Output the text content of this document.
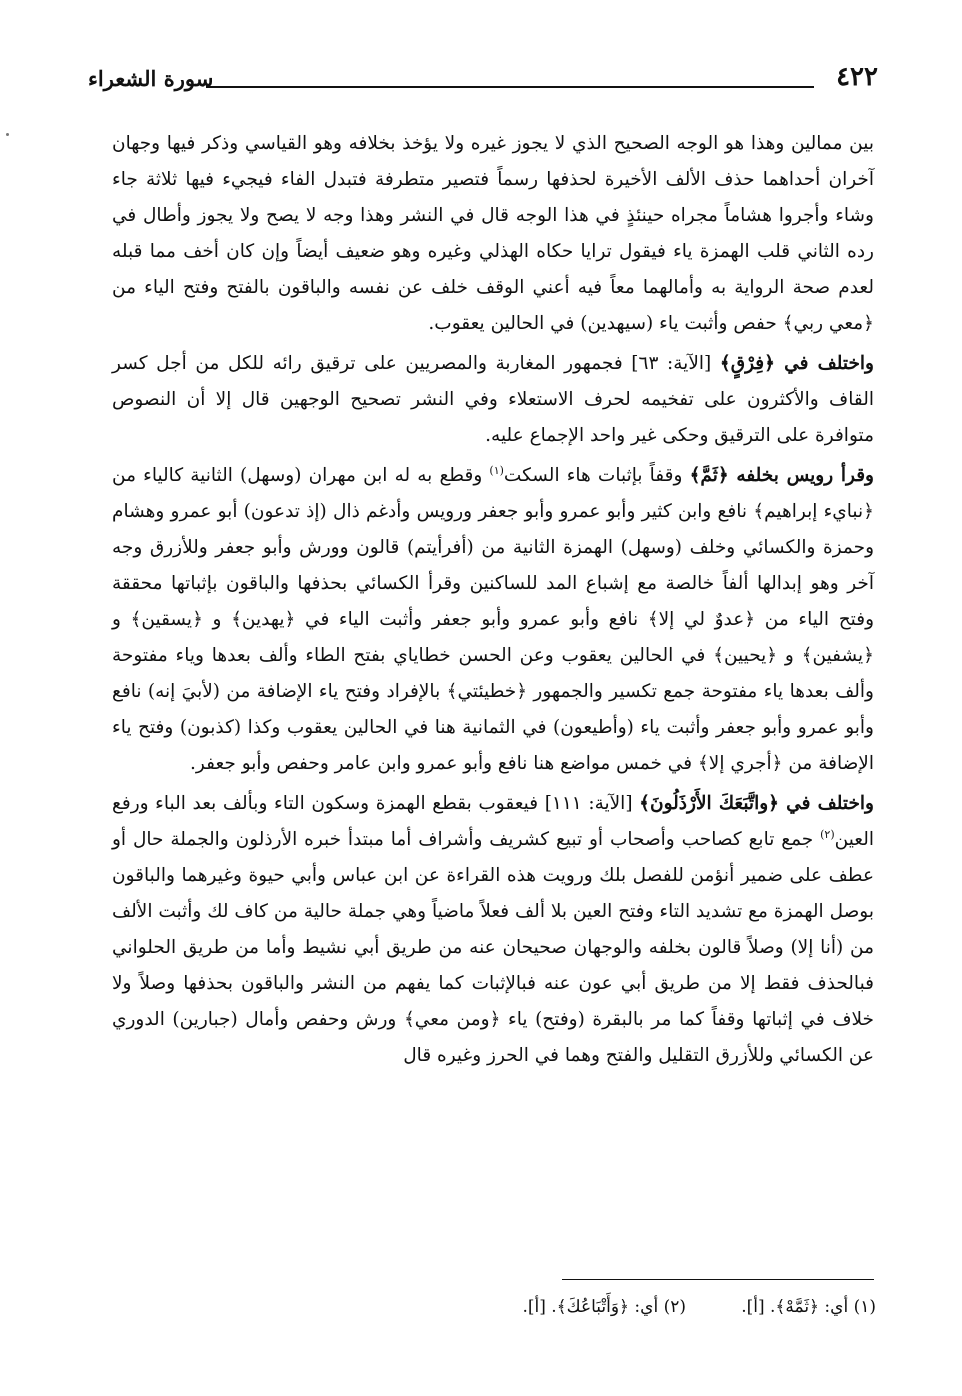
٤٢٢
سورة الشعراء

بين ممالين وهذا هو الوجه الصحيح الذي لا يجوز غيره ولا يؤخذ بخلافه وهو القياسي وذكر فيها وجهان آخران أحداهما حذف الألف الأخيرة لحذفها رسماً فتصير متطرفة فتبدل الفاء فيجيء فيها ثلاثة جاء وشاء وأجروا هشاماً مجراه حينئذٍ في هذا الوجه قال في النشر وهذا وجه لا يصح ولا يجوز وأطال في رده الثاني قلب الهمزة ياء فيقول ترايا حكاه الهذلي وغيره وهو ضعيف أيضاً وإن كان أخف مما قبله لعدم صحة الرواية به وأمالهما معاً فيه أعني الوقف خلف عن نفسه والباقون بالفتح وفتح الياء من ﴿معي ربي﴾ حفص وأثبت ياء (سيهدين) في الحالين يعقوب.

واختلف في ﴿فِرْقٍ﴾ [الآية: ٦٣] فجمهور المغاربة والمصريين على ترقيق رائه للكل من أجل كسر القاف والأكثرون على تفخيمه لحرف الاستعلاء وفي النشر تصحيح الوجهين قال إلا أن النصوص متوافرة على الترقيق وحكى غير واحد الإجماع عليه.

وقرأ رويس بخلفه ﴿ثَمَّ﴾ وقفاً بإثبات هاء السكت$^{(١)}$ وقطع به له ابن مهران (وسهل) الثانية كالياء من ﴿نبايء إبراهيم﴾ نافع وابن كثير وأبو عمرو وأبو جعفر ورويس وأدغم ذال (إذ تدعون) أبو عمرو وهشام وحمزة والكسائي وخلف (وسهل) الهمزة الثانية من (أفرأيتم) قالون وورش وأبو جعفر وللأزرق وجه آخر وهو إبدالها ألفاً خالصة مع إشباع المد للساكنين وقرأ الكسائي بحذفها والباقون بإثباتها محققة وفتح الياء من ﴿عدوٌ لي إلا﴾ نافع وأبو عمرو وأبو جعفر وأثبت الياء في ﴿يهدين﴾ و ﴿يسقين﴾ و ﴿يشفين﴾ و ﴿يحيين﴾ في الحالين يعقوب وعن الحسن خطاياي بفتح الطاء وألف بعدها وياء مفتوحة وألف بعدها ياء مفتوحة جمع تكسير والجمهور ﴿خطيئتي﴾ بالإفراد وفتح ياء الإضافة من (لأبيَ إنه) نافع وأبو عمرو وأبو جعفر وأثبت ياء (وأطيعون) في الثمانية هنا في الحالين يعقوب وكذا (كذبون) وفتح ياء الإضافة من ﴿أجري إلا﴾ في خمس مواضع هنا نافع وأبو عمرو وابن عامر وحفص وأبو جعفر.

واختلف في ﴿واتَّبَعَكَ الأَرْذَلُونَ﴾ [الآية: ١١١] فيعقوب بقطع الهمزة وسكون التاء وبألف بعد الباء ورفع العين$^{(٢)}$ جمع تابع كصاحب وأصحاب أو تبيع كشريف وأشراف أما مبتدأ خبره الأرذلون والجملة حال أو عطف على ضمير أنؤمن للفصل بلك ورويت هذه القراءة عن ابن عباس وأبي حيوة وغيرهما والباقون بوصل الهمزة مع تشديد التاء وفتح العين بلا ألف فعلاً ماضياً وهي جملة حالية من كاف لك وأثبت الألف من (أنا إلا) وصلاً قالون بخلفه والوجهان صحيحان عنه من طريق أبي نشيط وأما من طريق الحلواني فبالحذف فقط إلا من طريق أبي عون عنه فبالإثبات كما يفهم من النشر والباقون بحذفها وصلاً ولا خلاف في إثباتها وقفاً كما مر بالبقرة (وفتح) ياء ﴿ومن معي﴾ ورش وحفص وأمال (جبارين) الدوري عن الكسائي وللأزرق التقليل والفتح وهما في الحرز وغيره قال

(١) أي: ﴿ثَمَّهْ﴾. [أ].
(٢) أي: ﴿وَأَتْبَاعُكَ﴾. [أ].
